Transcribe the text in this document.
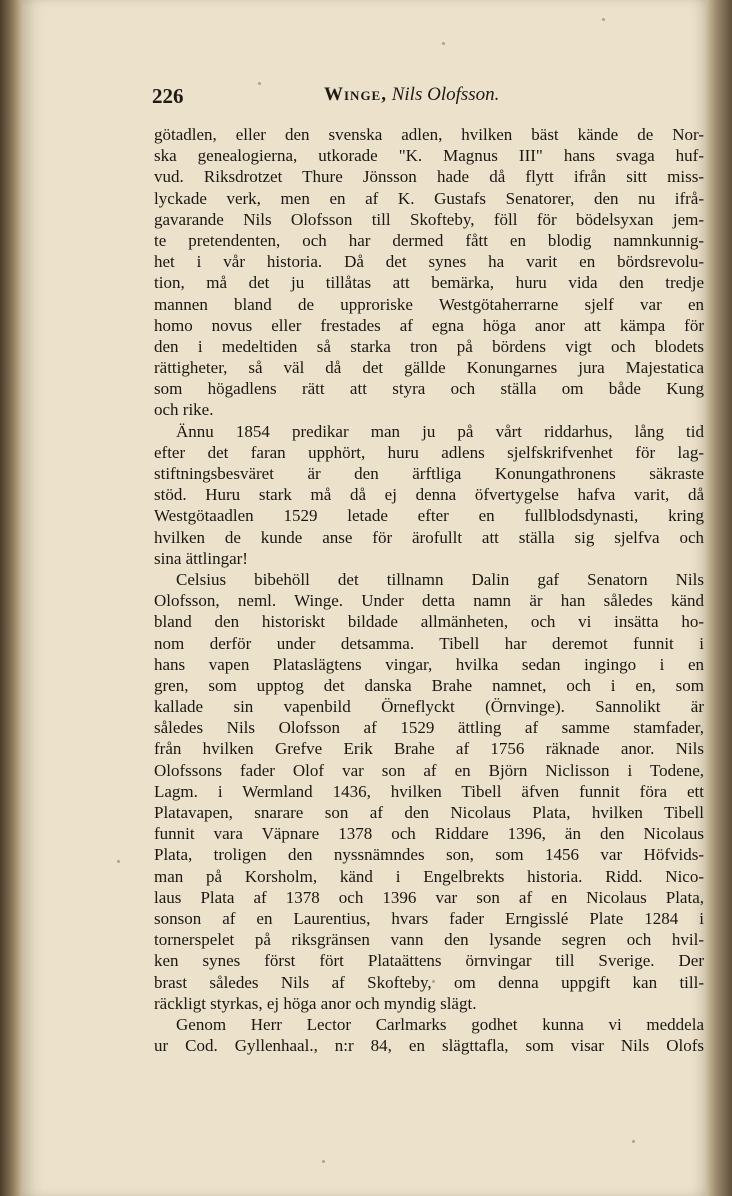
226	Winge, Nils Olofsson.
götadlen, eller den svenska adlen, hvilken bäst kände de Nor-
ska genealogierna, utkorade "K. Magnus III" hans svaga huf-
vud. Riksdrotzet Thure Jönsson hade då flytt ifrån sitt miss-
lyckade verk, men en af K. Gustafs Senatorer, den nu ifrå-
gavarande Nils Olofsson till Skofteby, föll för bödelsyxan jem-
te pretendenten, och har dermed fått en blodig namnkunnig-
het i vår historia. Då det synes ha varit en bördsrevolu-
tion, må det ju tillåtas att bemärka, huru vida den tredje
mannen bland de upproriske Westgötaherrarne sjelf var en
homo novus eller frestades af egna höga anor att kämpa för
den i medeltiden så starka tron på bördens vigt och blodets
rättigheter, så väl då det gällde Konungarnes jura Majestatica
som högadlens rätt att styra och ställa om både Kung
och rike.
Ännu 1854 predikar man ju på vårt riddarhus, lång tid
efter det faran upphört, huru adlens sjelfskrifvenhet för lag-
stiftningsbesväret är den ärftliga Konungathronens säkraste
stöd. Huru stark må då ej denna öfvertygelse hafva varit, då
Westgötaadlen 1529 letade efter en fullblodsdynasti, kring
hvilken de kunde anse för ärofullt att ställa sig sjelfva och
sina ättlingar!
Celsius bibehöll det tillnamn Dalin gaf Senatorn Nils
Olofsson, neml. Winge. Under detta namn är han således känd
bland den historiskt bildade allmänheten, och vi insätta ho-
nom derför under detsamma. Tibell har deremot funnit i
hans vapen Plataslägtens vingar, hvilka sedan ingingo i en
gren, som upptog det danska Brahe namnet, och i en, som
kallade sin vapenbild Örneflyckt (Örnvinge). Sannolikt är
således Nils Olofsson af 1529 ättling af samme stamfader,
från hvilken Grefve Erik Brahe af 1756 räknade anor. Nils
Olofssons fader Olof var son af en Björn Niclisson i Todene,
Lagm. i Wermland 1436, hvilken Tibell äfven funnit föra ett
Platavapen, snarare son af den Nicolaus Plata, hvilken Tibell
funnit vara Väpnare 1378 och Riddare 1396, än den Nicolaus
Plata, troligen den nyssnämndes son, som 1456 var Höfvids-
man på Korsholm, känd i Engelbrekts historia. Ridd. Nico-
laus Plata af 1378 och 1396 var son af en Nicolaus Plata,
sonson af en Laurentius, hvars fader Erngisslé Plate 1284 i
tornerspelet på riksgränsen vann den lysande segren och hvil-
ken synes först fört Plataättens örnvingar till Sverige. Der
brast således Nils af Skofteby, om denna uppgift kan till-
räckligt styrkas, ej höga anor och myndig slägt.
Genom Herr Lector Carlmarks godhet kunna vi meddela
ur Cod. Gyllenhaal., n:r 84, en slägttafla, som visar Nils Olofs
